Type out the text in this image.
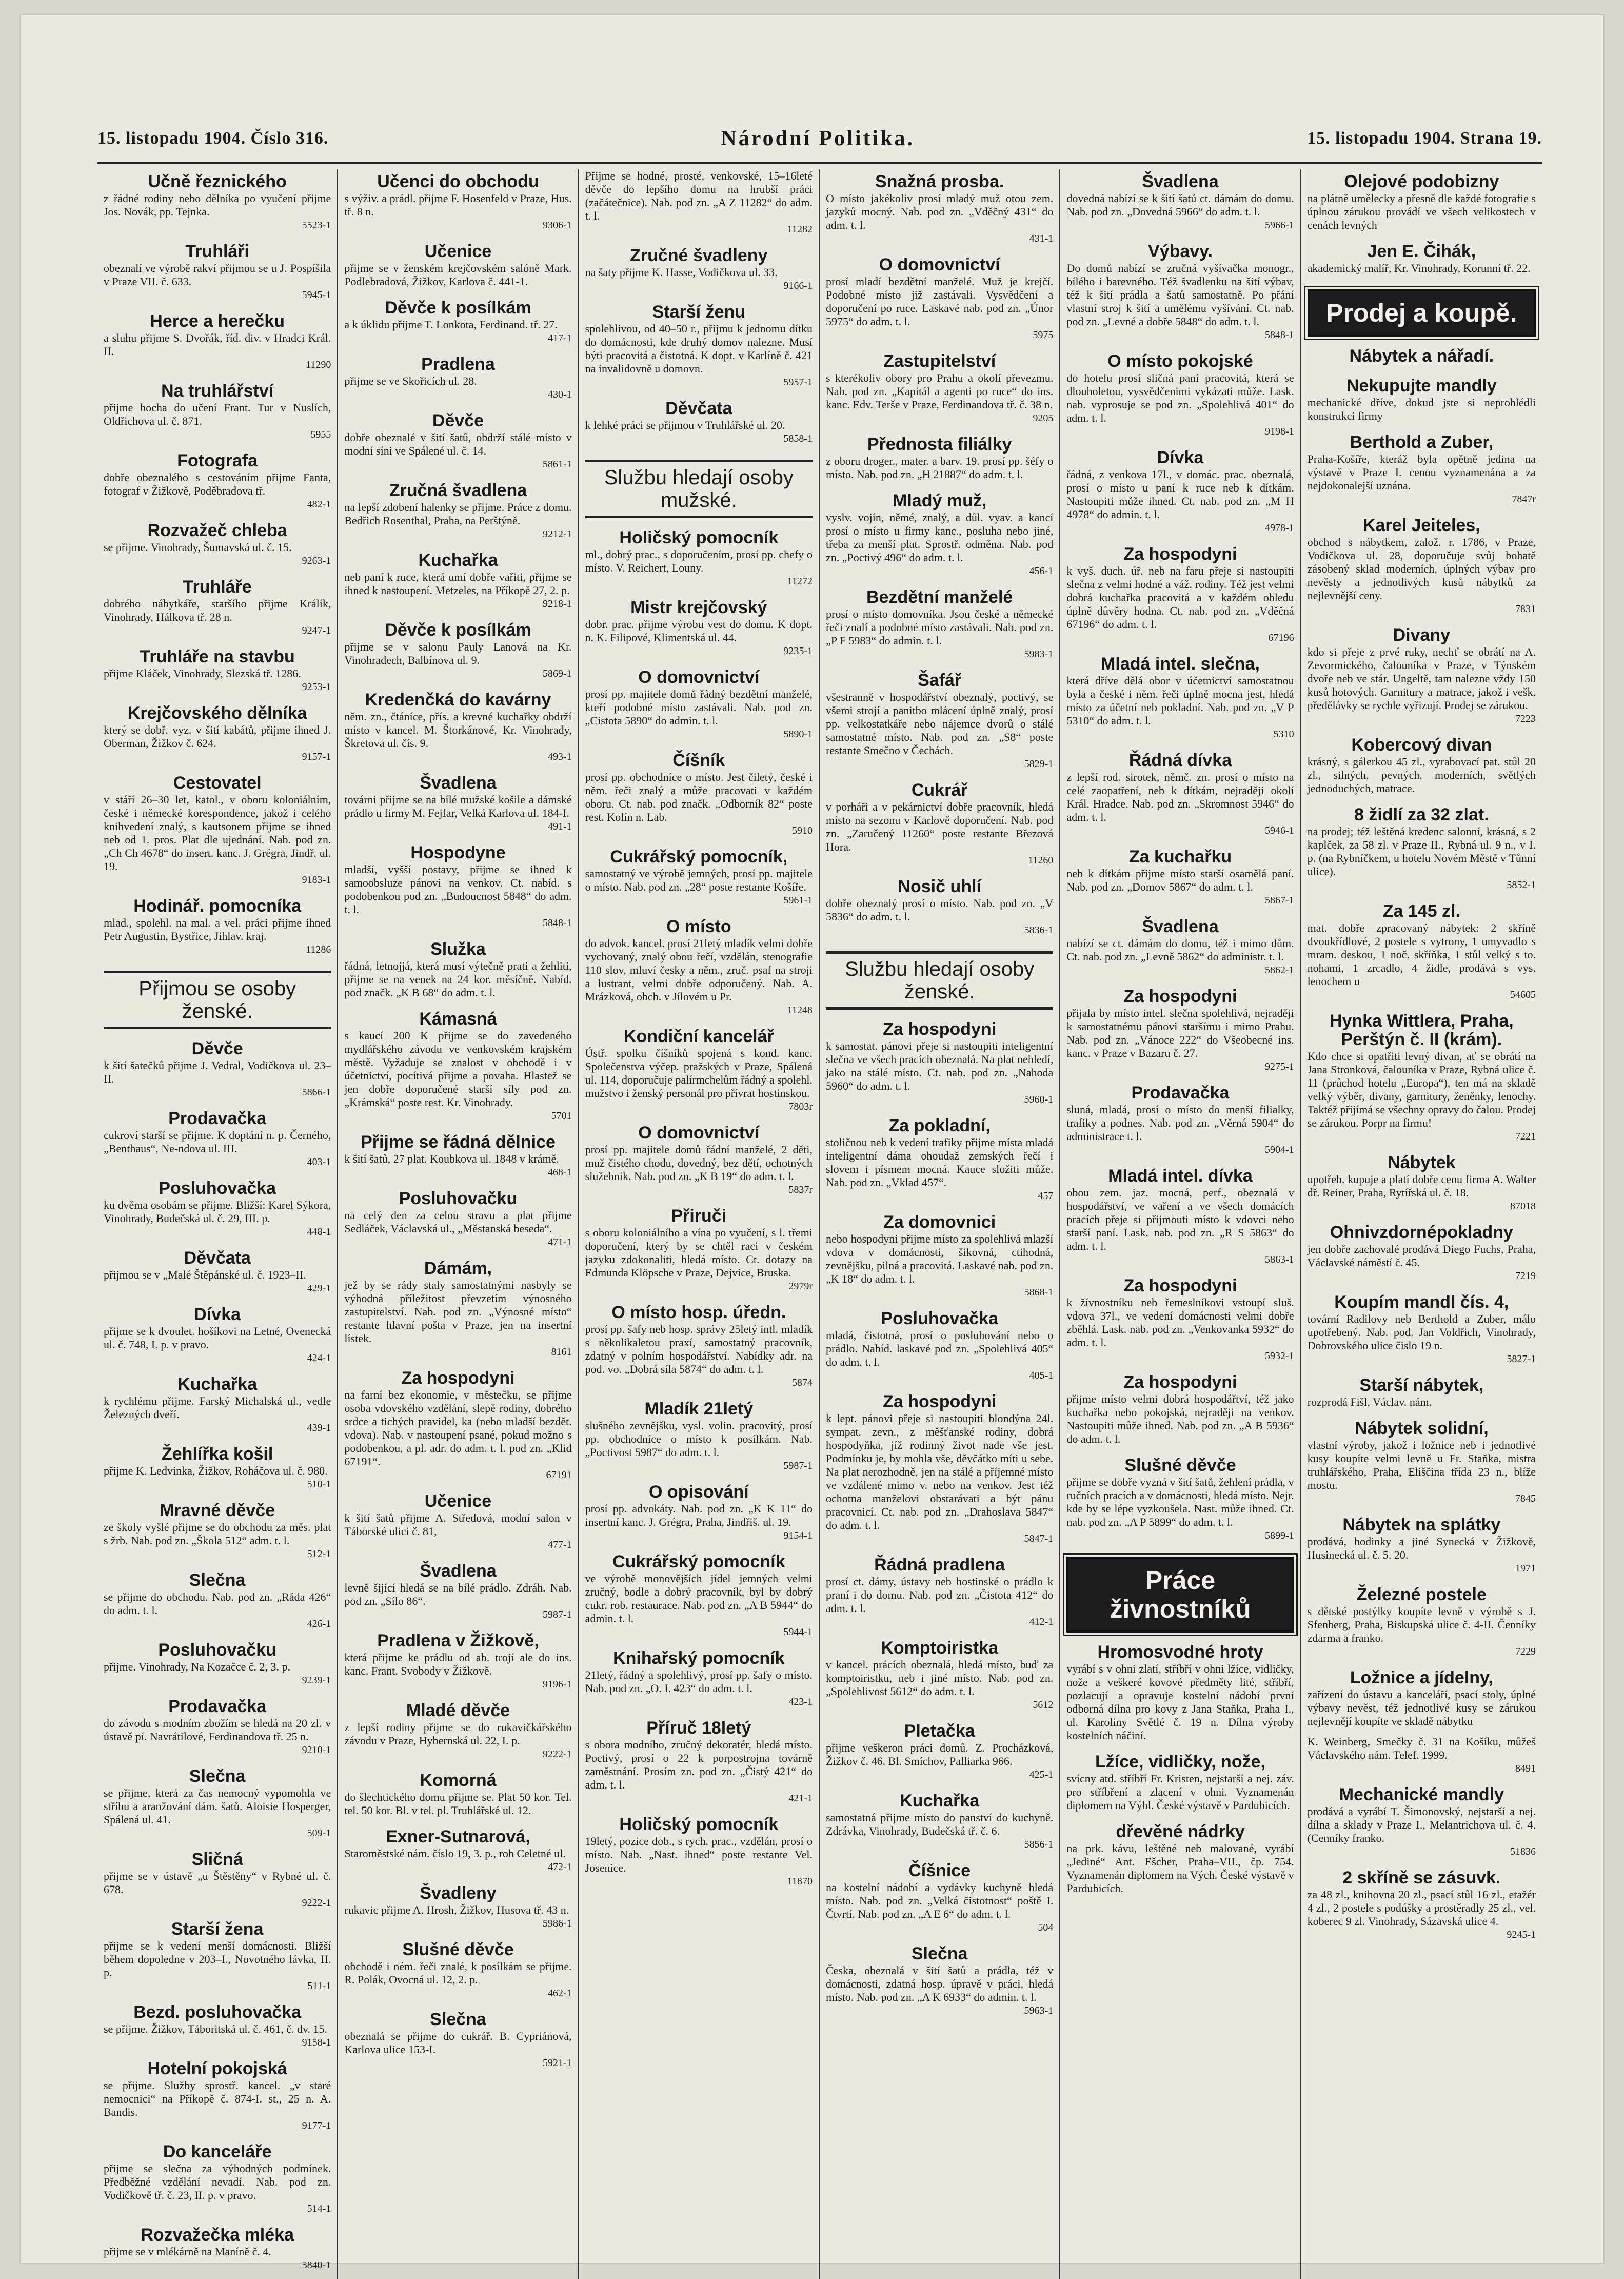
15. listopadu 1904. Číslo 316.	Národní Politika.	15. listopadu 1904. Strana 19.
Učně řeznického

z řádné rodiny nebo dělníka po vyučení přijme Jos. Novák, pp. Tejnka.

5523-1

Truhláři

obeznalí ve výrobě rakví přijmou se u J. Pospíšila v Praze VII. č. 633.

5945-1

Herce a herečku

a sluhu přijme S. Dvořák, říd. div. v Hradci Král. II.

11290

Na truhlářství

přijme hocha do učení Frant. Tur v Nuslích, Oldřichova ul. č. 871.

5955

Fotografa

dobře obeznalého s cestováním přijme Fanta, fotograf v Žižkově, Poděbradova tř.

482-1

Rozvažeč chleba

se přijme. Vinohrady, Šumavská ul. č. 15.

9263-1

Truhláře

dobrého nábytkáře, staršího přijme Králík, Vinohrady, Hálkova tř. 28 n.

9247-1

Truhláře na stavbu

přijme Kláček, Vinohrady, Slezská tř. 1286.

9253-1

Krejčovského dělníka

který se dobř. vyz. v šití kabátů, přijme ihned J. Oberman, Žižkov č. 624.

9157-1

Cestovatel

v stáří 26–30 let, katol., v oboru koloniálním, české i německé korespondence, jakož i celého knihvedení znalý, s kautsonem přijme se ihned neb od 1. pros. Plat dle ujednání. Nab. pod zn. „Ch Ch 4678“ do insert. kanc. J. Grégra, Jindř. ul. 19.

9183-1

Hodinář. pomocníka

mlad., spolehl. na mal. a vel. práci přijme ihned Petr Augustin, Bystřice, Jihlav. kraj.

11286

Přijmou se osoby ženské.
Děvče

k šití šatečků přijme J. Vedral, Vodičkova ul. 23–II.

5866-1

Prodavačka

cukroví starší se přijme. K doptání n. p. Černého, „Benthaus“, Ne-ndova ul. III.

403-1

Posluhovačka

ku dvěma osobám se přijme. Bližší: Karel Sýkora, Vinohrady, Budečská ul. č. 29, III. p.

448-1

Děvčata

přijmou se v „Malé Štěpánské ul. č. 1923–II.

429-1

Dívka

přijme se k dvoulet. hošíkovi na Letné, Ovenecká ul. č. 748, I. p. v pravo.

424-1

Kuchařka

k rychlému přijme. Farský Michalská ul., vedle Železných dveří.

439-1

Žehlířka košil

přijme K. Ledvinka, Žižkov, Roháčova ul. č. 980.

510-1

Mravné děvče

ze školy vyšlé přijme se do obchodu za měs. plat s žrb. Nab. pod zn. „Škola 512“ adm. t. l.

512-1

Slečna

se přijme do obchodu. Nab. pod zn. „Ráda 426“ do adm. t. l.

426-1

Posluhovačku

přijme. Vinohrady, Na Kozačce č. 2, 3. p.

9239-1

Prodavačka

do závodu s modním zbožím se hledá na 20 zl. v ústavě pí. Navrátilové, Ferdinandova tř. 25 n.

9210-1

Slečna

se přijme, která za čas nemocný vypomohla ve stříhu a aranžování dám. šatů. Aloisie Hosperger, Spálená ul. 41.

509-1

Sličná

přijme se v ústavě „u Štěstěny“ v Rybné ul. č. 678.

9222-1

Starší žena

přijme se k vedení menší domácnosti. Bližší během dopoledne v 203–I., Novotného lávka, II. p.

511-1

Bezd. posluhovačka

se přijme. Žižkov, Táboritská ul. č. 461, č. dv. 15.

9158-1

Hotelní pokojská

se přijme. Služby sprostř. kancel. „v staré nemocnici“ na Příkopě č. 874-I. st., 25 n. A. Bandis.

9177-1

Do kanceláře

přijme se slečna za výhodných podmínek. Předběžné vzdělání nevadí. Nab. pod zn. Vodičkově tř. č. 23, II. p. v pravo.

514-1

Rozvažečka mléka

přijme se v mlékárně na Maníně č. 4.

5840-1

Učenci do obchodu

s výživ. a prádl. přijme F. Hosenfeld v Praze, Hus. tř. 8 n.

9306-1

Učenice

přijme se v ženském krejčovském salóně Mark. Podlebradová, Žižkov, Karlova č. 441-1.

Děvče k posílkám

a k úklidu přijme T. Lonkota, Ferdinand. tř. 27.

417-1

Pradlena

přijme se ve Skořicích ul. 28.

430-1

Děvče

dobře obeznalé v šití šatů, obdrží stálé místo v modní síni ve Spálené ul. č. 14.

5861-1

Zručná švadlena

na lepší zdobení halenky se přijme. Práce z domu. Bedřich Rosenthal, Praha, na Perštýně.

9212-1

Kuchařka

neb paní k ruce, která umí dobře vařiti, přijme se ihned k nastoupení. Metzeles, na Příkopě 27, 2. p.

9218-1

Děvče k posílkám

přijme se v salonu Pauly Lanová na Kr. Vinohradech, Balbínova ul. 9.

5869-1

Kredenčká do kavárny

něm. zn., čtáníce, přís. a krevné kuchařky obdrží místo v kancel. M. Štorkánové, Kr. Vinohrady, Škretova ul. čís. 9.

493-1

Švadlena

továrni přijme se na bílé mužské košile a dámské prádlo u firmy M. Fejfar, Velká Karlova ul. 184-I.

491-1

Hospodyne

mladší, vyšší postavy, přijme se ihned k samoobsluze pánovi na venkov. Ct. nabíd. s podobenkou pod zn. „Budoucnost 5848“ do adm. t. l.

5848-1

Služka

řádná, letnojjá, která musí výtečně prati a žehliti, přijme se na venek na 24 kor. měsíčně. Nabíd. pod značk. „K B 68“ do adm. t. l.

Kámasná

s kaucí 200 K přijme se do zavedeného mydlářského závodu ve venkovském krajském městě. Vyžaduje se znalost v obchodě i v účetnictví, pocítivá přijme a povaha. Hlastež se jen dobře doporučené starší síly pod zn. „Krámská“ poste rest. Kr. Vinohrady.

5701

Přijme se řádná dělnice

k šití šatů, 27 plat. Koubkova ul. 1848 v krámě.

468-1

Posluhovačku

na celý den za celou stravu a plat přijme Sedláček, Václavská ul., „Městanská beseda“.

471-1

Dámám,

jež by se rády staly samostatnými nasbyly se výhodná příležitost převzetím výnosného zastupitelství. Nab. pod zn. „Výnosné místo“ restante hlavní pošta v Praze, jen na insertní lístek.

8161

Za hospodyni

na farní bez ekonomie, v městečku, se přijme osoba vdovského vzdělání, slepě rodiny, dobrého srdce a tichých pravidel, ka (nebo mladší bezdět. vdova). Nab. v nastoupení psané, pokud možno s podobenkou, a pl. adr. do adm. t. l. pod zn. „Klid 67191“.

67191

Učenice

k šití šatů přijme A. Středová, modní salon v Táborské ulici č. 81,

477-1

Švadlena

levně šijící hledá se na bílé prádlo. Zdráh. Nab. pod zn. „Sílo 86“.

5987-1

Pradlena v Žižkově,

která přijme ke prádlu od ab. trojí ale do ins. kanc. Frant. Svobody v Žižkově.

9196-1

Mladé děvče

z lepší rodiny přijme se do rukavičkářského závodu v Praze, Hybernská ul. 22, I. p.

9222-1

Komorná

do šlechtického domu přijme se. Plat 50 kor. Tel. tel. 50 kor. Bl. v tel. pl. Truhlářské ul. 12.

Exner-Sutnarová,

Staroměstské nám. číslo 19, 3. p., roh Celetné ul.

472-1

Švadleny

rukavic přijme A. Hrosh, Žižkov, Husova tř. 43 n.

5986-1

Slušné děvče

obchodě i ném. řeči znalé, k posílkám se přijme. R. Polák, Ovocná ul. 12, 2. p.

462-1

Slečna

obeznalá se přijme do cukrář. B. Cypriánová, Karlova ulice 153-I.

5921-1

Přijme se hodné, prosté, venkovské, 15–16leté děvče do lepšího domu na hrubší práci (začátečnice). Nab. pod zn. „A Z 11282“ do adm. t. l.

11282

Zručné švadleny

na šaty přijme K. Hasse, Vodičkova ul. 33.

9166-1

Starší ženu

spolehlivou, od 40–50 r., přijmu k jednomu dítku do domácnosti, kde druhý domov nalezne. Musí býti pracovitá a čistotná. K dopt. v Karlíně č. 421 na invalidovně u domovn.

5957-1

Děvčata

k lehké práci se přijmou v Truhlářské ul. 20.

5858-1

Službu hledají osoby mužské.
Holičský pomocník

ml., dobrý prac., s doporučením, prosí pp. chefy o místo. V. Reichert, Louny.

11272

Mistr krejčovský

dobr. prac. přijme výrobu vest do domu. K dopt. n. K. Filipové, Klimentská ul. 44.

9235-1

O domovnictví

prosí pp. majitele domů řádný bezdětní manželé, kteří podobné místo zastávali. Nab. pod zn. „Cistota 5890“ do admin. t. l.

5890-1

Číšník

prosí pp. obchodníce o místo. Jest čiletý, české i něm. řeči znalý a může pracovati v každém oboru. Ct. nab. pod značk. „Odborník 82“ poste rest. Kolín n. Lab.

5910

Cukrářský pomocník,

samostatný ve výrobě jemných, prosí pp. majitele o místo. Nab. pod zn. „28“ poste restante Košíře.

5961-1

O místo

do advok. kancel. prosí 21letý mladík velmi dobře vychovaný, znalý obou řečí, vzdělán, stenografie 110 slov, mluví česky a něm., zruč. psaf na stroji a lustrant, velmi dobře odporučený. Nab. A. Mrázková, obch. v Jílovém u Pr.

11248

Kondiční kancelář

Ústř. spolku číšníků spojená s kond. kanc. Společenstva výčep. pražských v Praze, Spálená ul. 114, doporučuje palírmchelům řádný a spolehl. mužstvo i ženský personál pro přívrat hostinskou.

7803r

O domovnictví

prosí pp. majitele domů řádní manželé, 2 děti, muž čistého chodu, dovedný, bez dětí, ochotných služebnik. Nab. pod zn. „K B 19“ do adm. t. l.

5837r

Přiruči

s oboru koloniálního a vína po vyučení, s l. třemi doporučení, který by se chtěl raci v českém jazyku zdokonaliti, hledá místo. Ct. dotazy na Edmunda Klöpsche v Praze, Dejvice, Bruska.

2979r

O místo hosp. úředn.

prosí pp. šafy neb hosp. správy 25letý intl. mladík s několikaletou praxí, samostatný pracovník, zdatný v polním hospodářství. Nabídky adr. na pod. vo. „Dobrá síla 5874“ do adm. t. l.

5874

Mladík 21letý

slušného zevnějšku, vysl. volin. pracovitý, prosí pp. obchodníce o místo k posílkám. Nab. „Poctivost 5987“ do adm. t. l.

5987-1

O opisování

prosí pp. advokáty. Nab. pod zn. „K K 11“ do insertní kanc. J. Grégra, Praha, Jindřiš. ul. 19.

9154-1

Cukrářský pomocník

ve výrobě monovějších jídel jemných velmi zručný, bodle a dobrý pracovník, byl by dobrý cukr. rob. restaurace. Nab. pod zn. „A B 5944“ do admin. t. l.

5944-1

Knihařský pomocník

21letý, řádný a spolehlivý, prosí pp. šafy o místo. Nab. pod zn. „O. I. 423“ do adm. t. l.

423-1

Příruč 18letý

s obora modního, zručný dekoratér, hledá místo. Poctivý, prosí o 22 k porpostrojna továrně zaměstnání. Prosím zn. pod zn. „Čistý 421“ do adm. t. l.

421-1

Holičský pomocník

19letý, pozice dob., s rych. prac., vzdělán, prosí o místo. Nab. „Nast. ihned“ poste restante Vel. Josenice.

11870

Snažná prosba.

O místo jakékoliv prosí mladý muž otou zem. jazyků mocný. Nab. pod zn. „Vděčný 431“ do adm. t. l.

431-1

O domovnictví

prosí mladí bezdětní manželé. Muž je krejčí. Podobné místo již zastávali. Vysvědčení a doporučení po ruce. Laskavé nab. pod zn. „Únor 5975“ do adm. t. l.

5975

Zastupitelství

s kterékoliv obory pro Prahu a okolí převezmu. Nab. pod zn. „Kapitál a agenti po ruce“ do ins. kanc. Edv. Terše v Praze, Ferdinandova tř. č. 38 n.

9205

Přednosta filiálky

z oboru droger., mater. a barv. 19. prosí pp. šéfy o místo. Nab. pod zn. „H 21887“ do adm. t. l.

Mladý muž,

vyslv. vojín, němé, znalý, a důl. vyav. a kancí prosí o místo u firmy kanc., posluha nebo jiné, třeba za menší plat. Sprostř. odměna. Nab. pod zn. „Poctivý 496“ do adm. t. l.

456-1

Bezdětní manželé

prosí o místo domovníka. Jsou české a německé řeči znalí a podobné místo zastávali. Nab. pod zn. „P F 5983“ do admin. t. l.

5983-1

Šafář

všestranně v hospodářství obeznalý, poctivý, se všemi strojí a panitbo mlácení úplně znalý, prosí pp. velkostatkáře nebo nájemce dvorů o stálé samostatné místo. Nab. pod zn. „S8“ poste restante Smečno v Čechách.

5829-1

Cukrář

v porháři a v pekárnictví dobře pracovník, hledá místo na sezonu v Karlově doporučení. Nab. pod zn. „Zaručený 11260“ poste restante Březová Hora.

11260

Nosič uhlí

dobře obeznalý prosí o místo. Nab. pod zn. „V 5836“ do adm. t. l.

5836-1

Službu hledají osoby ženské.
Za hospodyni

k samostat. pánovi přeje si nastoupiti inteligentní slečna ve všech pracích obeznalá. Na plat nehledí, jako na stálé místo. Ct. nab. pod zn. „Nahoda 5960“ do adm. t. l.

5960-1

Za pokladní,

stoličnou neb k vedení trafiky přijme místa mladá inteligentní dáma ohoudaž zemských řečí i slovem i písmem mocná. Kauce složiti může. Nab. pod zn. „Vklad 457“.

457

Za domovnici

nebo hospodyni přijme místo za spolehlivá mlazší vdova v domácnosti, šikovná, ctihodná, zevnějšku, pilná a pracovitá. Laskavé nab. pod zn. „K 18“ do adm. t. l.

5868-1

Posluhovačka

mladá, čistotná, prosí o posluhování nebo o prádlo. Nabíd. laskavé pod zn. „Spolehlivá 405“ do adm. t. l.

405-1

Za hospodyni

k lept. pánovi přeje si nastoupiti blondýna 24l. sympat. zevn., z měšťanské rodiny, dobrá hospodyňka, jíž rodinný život nade vše jest. Podmínku je, by mohla vše, děvčátko míti u sebe. Na plat nerozhodně, jen na stálé a příjemné místo ve vzdálené mimo v. nebo na venkov. Jest též ochotna manželovi obstarávati a být pánu pracovnicí. Ct. nab. pod zn. „Drahoslava 5847“ do adm. t. l.

5847-1

Řádná pradlena

prosí ct. dámy, ústavy neb hostinské o prádlo k praní i do domu. Nab. pod zn. „Čistota 412“ do adm. t. l.

412-1

Komptoiristka

v kancel. prácích obeznalá, hledá místo, buď za komptoiristku, neb i jiné místo. Nab. pod zn. „Spolehlivost 5612“ do adm. t. l.

5612

Pletačka

přijme veškeron práci domů. Z. Procházková, Žižkov č. 46. Bl. Smíchov, Palliarka 966.

425-1

Kuchařka

samostatná přijme místo do panství do kuchyně. Zdrávka, Vinohrady, Budečská tř. č. 6.

5856-1

Číšnice

na kostelní nádobí a vydávky kuchyně hledá místo. Nab. pod zn. „Velká čistotnost“ poště I. Čtvrtí. Nab. pod zn. „A E 6“ do adm. t. l.

504

Slečna

Česka, obeznalá v šití šatů a prádla, též v domácnosti, zdatná hosp. úpravě v práci, hledá místo. Nab. pod zn. „A K 6933“ do admin. t. l.

5963-1

Švadlena

dovedná nabízí se k šití šatů ct. dámám do domu. Nab. pod zn. „Dovedná 5966“ do adm. t. l.

5966-1

Výbavy.

Do domů nabízí se zručná vyšívačka monogr., bílého i barevného. Též švadlenku na šití výbav, též k šití prádla a šatů samostatně. Po přání vlastní stroj k šití a umělému vyšívání. Ct. nab. pod zn. „Levné a dobře 5848“ do adm. t. l.

5848-1

O místo pokojské

do hotelu prosí sličná paní pracovitá, která se dlouholetou, vysvědčenimi vykázati může. Lask. nab. vyprosuje se pod zn. „Spolehlivá 401“ do adm. t. l.

9198-1

Dívka

řádná, z venkova 17l., v domác. prac. obeznalá, prosí o místo u paní k ruce neb k dítkám. Nastoupiti může ihned. Ct. nab. pod zn. „M H 4978“ do admin. t. l.

4978-1

Za hospodyni

k vyš. duch. úř. neb na faru přeje si nastoupiti slečna z velmi hodné a váž. rodiny. Též jest velmi dobrá kuchařka pracovitá a v každém ohledu úplně důvěry hodna. Ct. nab. pod zn. „Vděčná 67196“ do adm. t. l.

67196

Mladá intel. slečna,

která dříve dělá obor v účetnictví samostatnou byla a české i něm. řeči úplně mocna jest, hledá místo za účetní neb pokladní. Nab. pod zn. „V P 5310“ do adm. t. l.

5310

Řádná dívka

z lepší rod. sirotek, němč. zn. prosí o místo na celé zaopatření, neb k dítkám, nejraději okolí Král. Hradce. Nab. pod zn. „Skromnost 5946“ do adm. t. l.

5946-1

Za kuchařku

neb k dítkám přijme místo starší osamělá paní. Nab. pod zn. „Domov 5867“ do adm. t. l.

5867-1

Švadlena

nabízí se ct. dámám do domu, též i mimo dům. Ct. nab. pod zn. „Levně 5862“ do administr. t. l.

5862-1

Za hospodyni

přijala by místo intel. slečna spolehlivá, nejraději k samostatnému pánovi staršímu i mimo Prahu. Nab. pod zn. „Vánoce 222“ do Všeobecné ins. kanc. v Praze v Bazaru č. 27.

9275-1

Prodavačka

sluná, mladá, prosí o místo do menší filialky, trafiky a podnes. Nab. pod zn. „Věrná 5904“ do administrace t. l.

5904-1

Mladá intel. dívka

obou zem. jaz. mocná, perf., obeznalá v hospodářství, ve vaření a ve všech domácích pracích přeje si přijmouti místo k vdovci nebo starší paní. Lask. nab. pod zn. „R S 5863“ do adm. t. l.

5863-1

Za hospodyni

k žívnostníku neb řemeslníkovi vstoupí sluš. vdova 37l., ve vedení domácnosti velmi dobře zběhlá. Lask. nab. pod zn. „Venkovanka 5932“ do adm. t. l.

5932-1

Za hospodyni

přijme místo velmi dobrá hospodářtví, též jako kuchařka nebo pokojská, nejraději na venkov. Nastoupiti může ihned. Nab. pod zn. „A B 5936“ do adm. t. l.

Slušné děvče

přijme se dobře vyzná v šití šatů, žehlení prádla, v ručních pracích a v domácnosti, hledá místo. Nejr. kde by se lépe vyzkoušela. Nast. může ihned. Ct. nab. pod zn. „A P 5899“ do adm. t. l.

5899-1

Práce živnostníků
Hromosvodné hroty

vyrábí s v ohni zlatí, stříbří v ohni lžíce, vidličky, nože a veškeré kovové předměty lité, stříbří, pozlacují a opravuje kostelní nádobí první odborná dílna pro kovy z Jana Staňka, Praha I., ul. Karoliny Světlé č. 19 n. Dílna výroby kostelních náčiní.

Lžíce, vidličky, nože,

svícny atd. stříbří Fr. Kristen, nejstarší a nej. záv. pro stříbření a zlacení v ohni. Vyznamenán diplomem na Výbl. České výstavě v Pardubicích.

dřevěné nádrky

na prk. kávu, leštěné neb malované, vyrábí „Jediné“ Ant. Ešcher, Praha–VII., čp. 754. Vyznamenán diplomem na Vých. České výstavě v Pardubicích.

Olejové podobizny

na plátně umělecky a přesně dle každé fotografie s úplnou zárukou provádí ve všech velikostech v cenách levných

Jen E. Čihák,

akademický malíř, Kr. Vinohrady, Korunní tř. 22.

Prodej a koupě.
Nábytek a nářadí.
Nekupujte mandly

mechanické dříve, dokud jste si neprohlédli konstrukci firmy

Berthold a Zuber,

Praha-Košíře, kteráž byla opětně jedina na výstavě v Praze I. cenou vyznamenána a za nejdokonalejší uznána.

7847r

Karel Jeiteles,

obchod s nábytkem, založ. r. 1786, v Praze, Vodičkova ul. 28, doporučuje svůj bohatě zásobený sklad moderních, úplných výbav pro nevěsty a jednotlivých kusů nábytků za nejlevnější ceny.

7831

Divany

kdo si přeje z prvé ruky, nechť se obrátí na A. Zevormického, čalouníka v Praze, v Týnském dvoře neb ve stár. Ungeltě, tam nalezne vždy 150 kusů hotových. Garnitury a matrace, jakož i vešk. předělávky se rychle vyřizují. Prodej se zárukou.

7223

Kobercový divan

krásný, s gálerkou 45 zl., vyrabovací pat. stůl 20 zl., silných, pevných, moderních, světlých jednoduchých, matrace.

8 židlí za 32 zlat.

na prodej; též leštěná kredenc salonní, krásná, s 2 kaplček, za 58 zl. v Praze II., Rybná ul. 9 n., v I. p. (na Rybníčkem, u hotelu Novém Městě v Tůnní ulice).

5852-1

Za 145 zl.

mat. dobře zpracovaný nábytek: 2 skříně dvoukřídlové, 2 postele s vytrony, 1 umyvadlo s mram. deskou, 1 noč. skříňka, 1 stůl velký s to. nohami, 1 zrcadlo, 4 židle, prodává s vys. lenochem u

54605

Hynka Wittlera, Praha, Perštýn č. II (krám).

Kdo chce si opatřiti levný divan, ať se obrátí na Jana Stronková, čalouníka v Praze, Rybná ulice č. 11 (průchod hotelu „Europa“), ten má na skladě velký výběr, divany, garnitury, ženěnky, lenochy. Taktéž přijímá se všechny opravy do čalou. Prodej se zárukou. Porpr na firmu!

7221

Nábytek

upotřeb. kupuje a platí dobře cenu firma A. Walter dř. Reiner, Praha, Rytířská ul. č. 18.

87018

Ohnivzdornépokladny

jen dobře zachovalé prodává Diego Fuchs, Praha, Václavské náměstí č. 45.

7219

Koupím mandl čís. 4,

tovární Radilovy neb Berthold a Zuber, málo upotřebený. Nab. pod. Jan Voldřich, Vinohrady, Dobrovského ulice čislo 19 n.

5827-1

Starší nábytek,

rozprodá Fišl, Václav. nám.

Nábytek solidní,

vlastní výroby, jakož i ložnice neb i jednotlivé kusy koupíte velmi levně u Fr. Staňka, mistra truhlářského, Praha, Eliščina třída 23 n., blíže mostu.

7845

Nábytek na splátky

prodává, hodinky a jiné Synecká v Žižkově, Husinecká ul. č. 5. 20.

1971

Železné postele

s dětské postýlky koupíte levně v výrobě s J. Sfenberg, Praha, Biskupská ulice č. 4-II. Čenníky zdarma a franko.

7229

Ložnice a jídelny,

zařízení do ústavu a kanceláří, psací stoly, úplné výbavy nevěst, též jednotlivé kusy se zárukou nejlevnějí koupíte ve skladě nábytku

K. Weinberg, Smečky č. 31 na Košíku, můžeš Václavského nám. Telef. 1999.

8491

Mechanické mandly

prodává a vyrábí T. Šimonovský, nejstarší a nej. dílna a sklady v Praze I., Melantrichova ul. č. 4. (Cenníky franko.

51836

2 skříně se zásuvk.

za 48 zl., knihovna 20 zl., psací stůl 16 zl., etažér 4 zl., 2 postele s podúšky a prostěradly 25 zl., vel. koberec 9 zl. Vinohrady, Sázavská ulice 4.

9245-1
